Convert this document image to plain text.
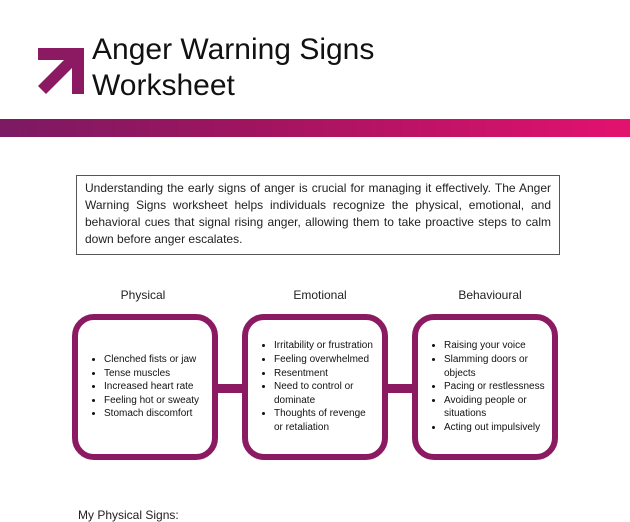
Anger Warning Signs
Worksheet
Understanding the early signs of anger is crucial for managing it effectively. The Anger Warning Signs worksheet helps individuals recognize the physical, emotional, and behavioral cues that signal rising anger, allowing them to take proactive steps to calm down before anger escalates.
Physical	Emotional	Behavioural
• Clenched fists or jaw
• Tense muscles
• Increased heart rate
• Feeling hot or sweaty
• Stomach discomfort
• Irritability or frustration
• Feeling overwhelmed
• Resentment
• Need to control or dominate
• Thoughts of revenge or retaliation
• Raising your voice
• Slamming doors or objects
• Pacing or restlessness
• Avoiding people or situations
• Acting out impulsively
My Physical Signs:
